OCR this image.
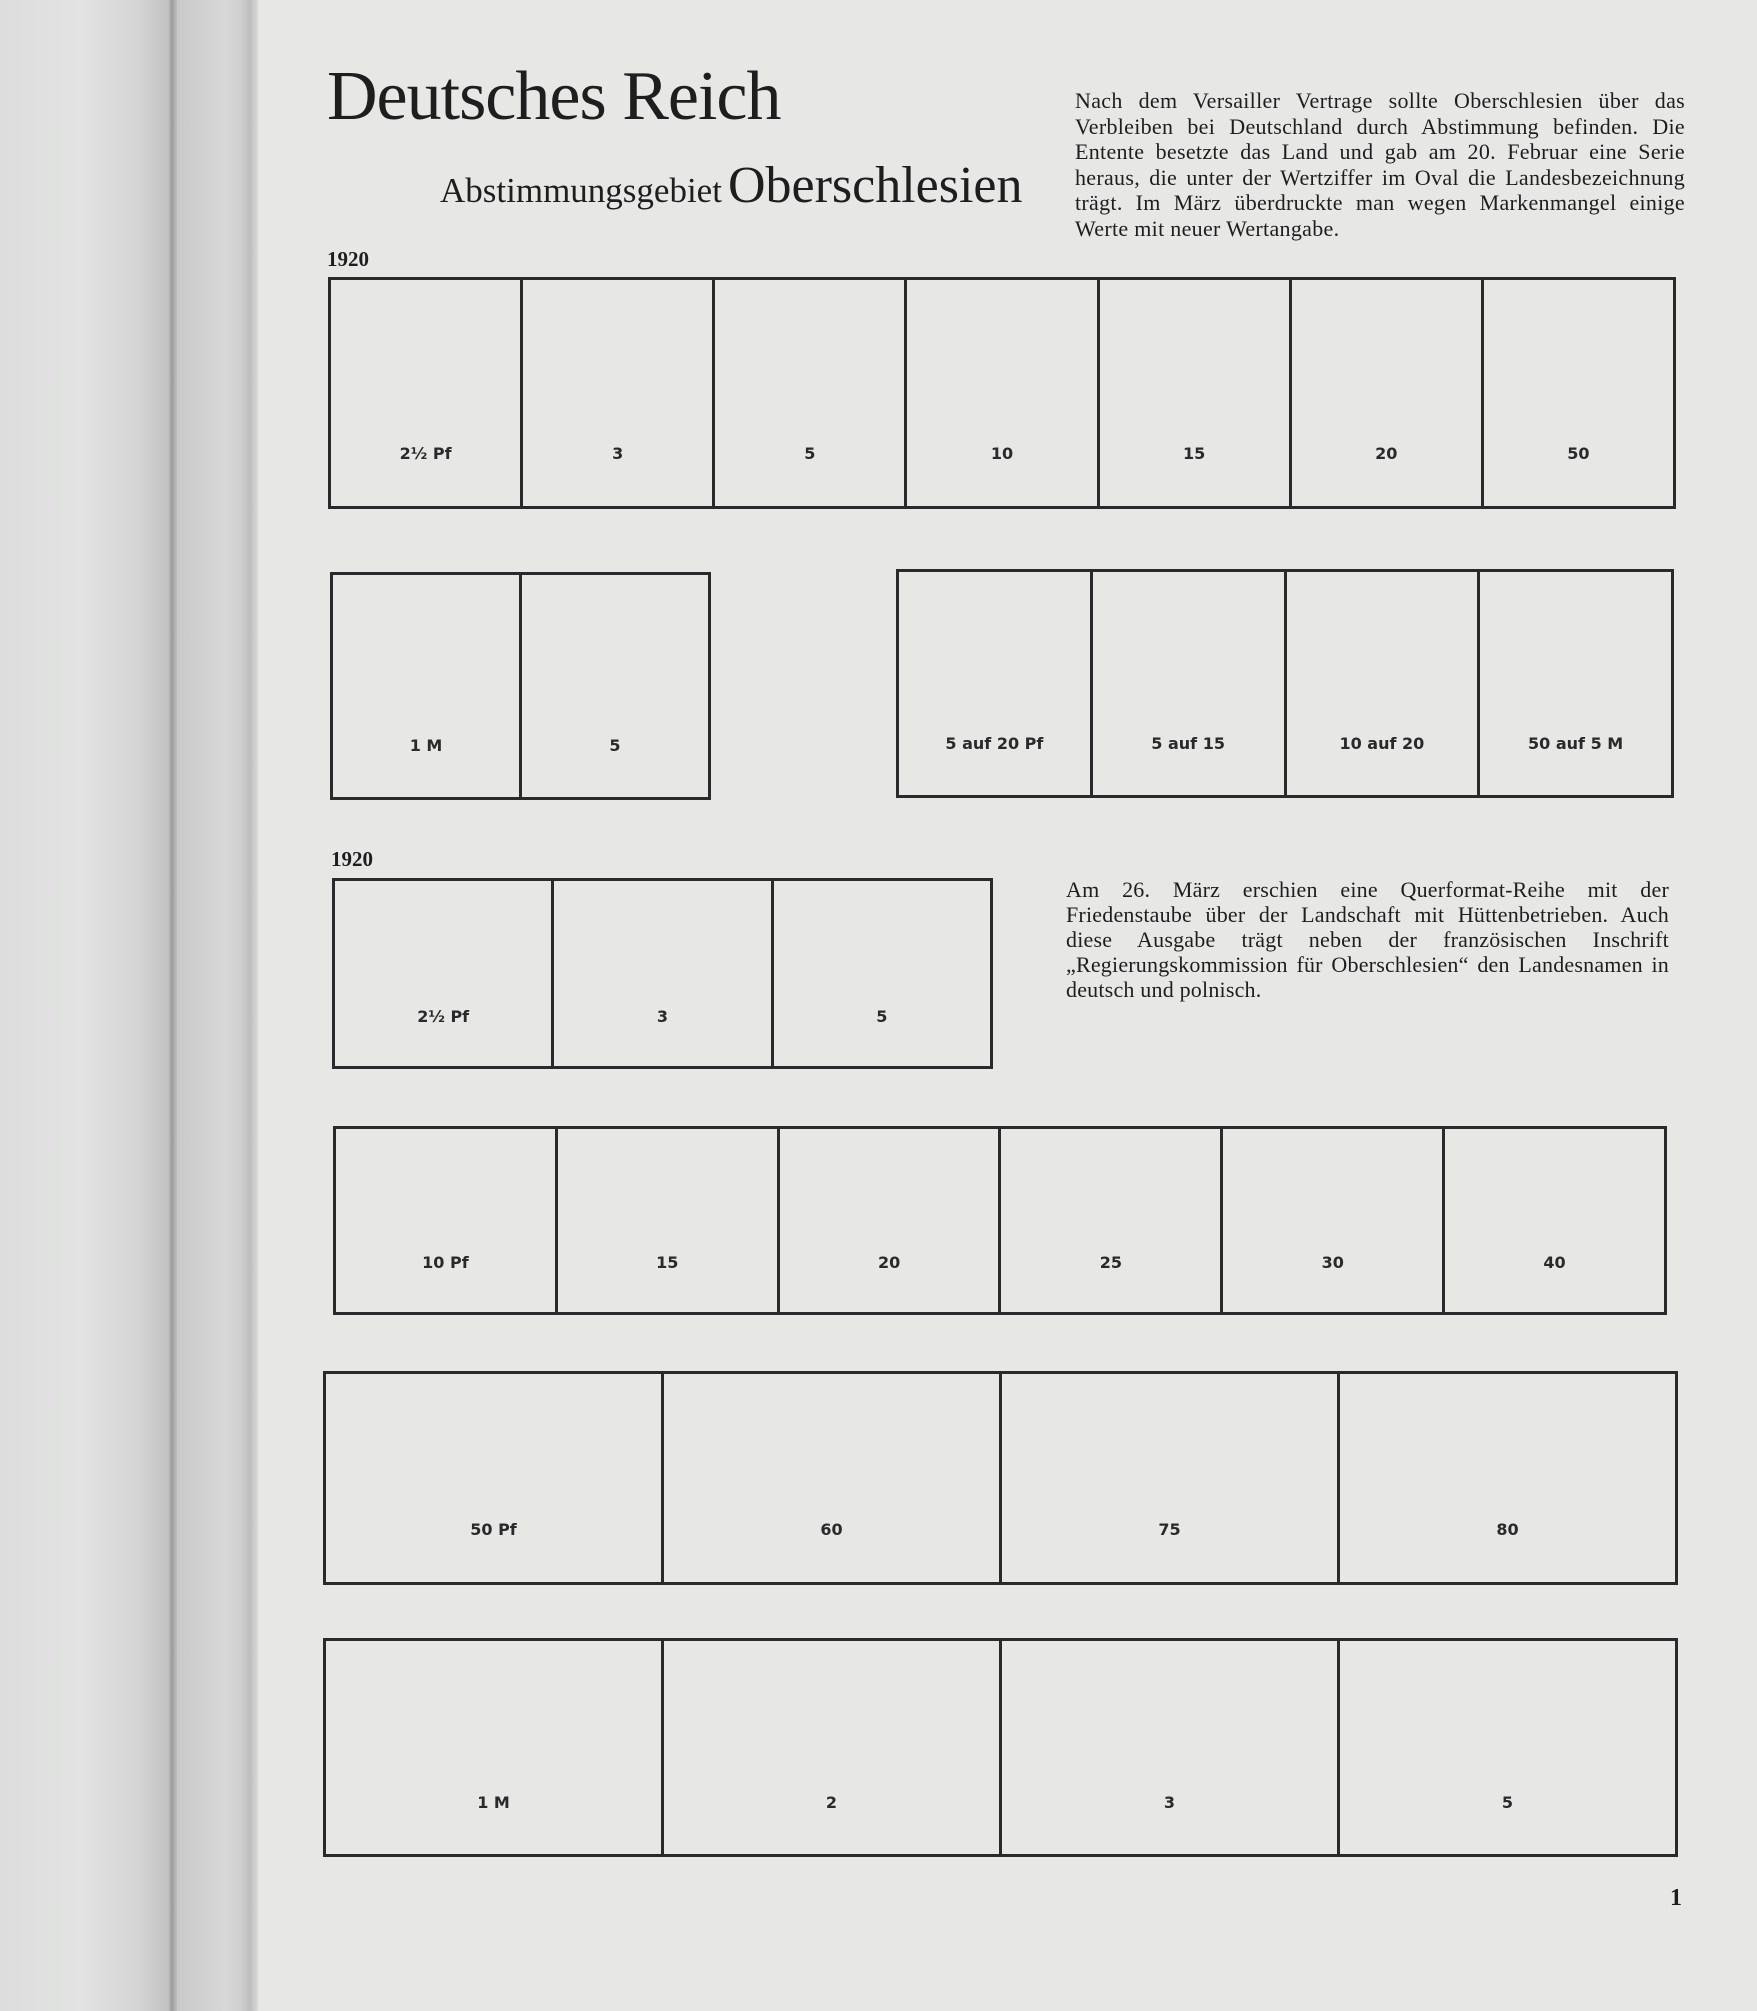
Deutsches Reich
Abstimmungsgebiet Oberschlesien

Nach dem Versailler Vertrage sollte Oberschlesien über das Verbleiben bei Deutschland durch Abstimmung befinden. Die Entente besetzte das Land und gab am 20. Februar eine Serie heraus, die unter der Wertziffer im Oval die Landesbezeichnung trägt. Im März überdruckte man wegen Markenmangel einige Werte mit neuer Wertangabe.

1920
2½ Pf	3	5	10	15	20	50
1 M	5	5 auf 20 Pf	5 auf 15	10 auf 20	50 auf 5 M
1920
2½ Pf	3	5

Am 26. März erschien eine Querformat-Reihe mit der Friedenstaube über der Landschaft mit Hüttenbetrieben. Auch diese Ausgabe trägt neben der französischen Inschrift „Regierungskommission für Oberschlesien“ den Landesnamen in deutsch und polnisch.

10 Pf	15	20	25	30	40
50 Pf	60	75	80
1 M	2	3	5
1
